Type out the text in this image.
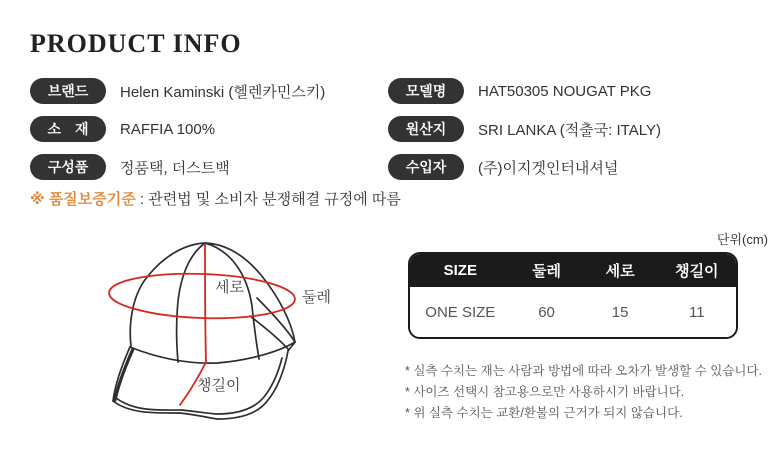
PRODUCT INFO
브랜드	Helen Kaminski (헬렌카민스키)
소　재	RAFFIA 100%
구성품	정품택, 더스트백
모델명	HAT50305 NOUGAT PKG
원산지	SRI LANKA (적출국: ITALY)
수입자	(주)이지겟인터내셔널
※ 품질보증기준 : 관련법 및 소비자 분쟁해결 규정에 따름
세로
둘레
챙길이
단위(cm)
SIZE	둘레	세로	챙길이
ONE SIZE	60	15	11
* 실측 수치는 재는 사람과 방법에 따라 오차가 발생할 수 있습니다.
* 사이즈 선택시 참고용으로만 사용하시기 바랍니다.
* 위 실측 수치는 교환/환불의 근거가 되지 않습니다.
